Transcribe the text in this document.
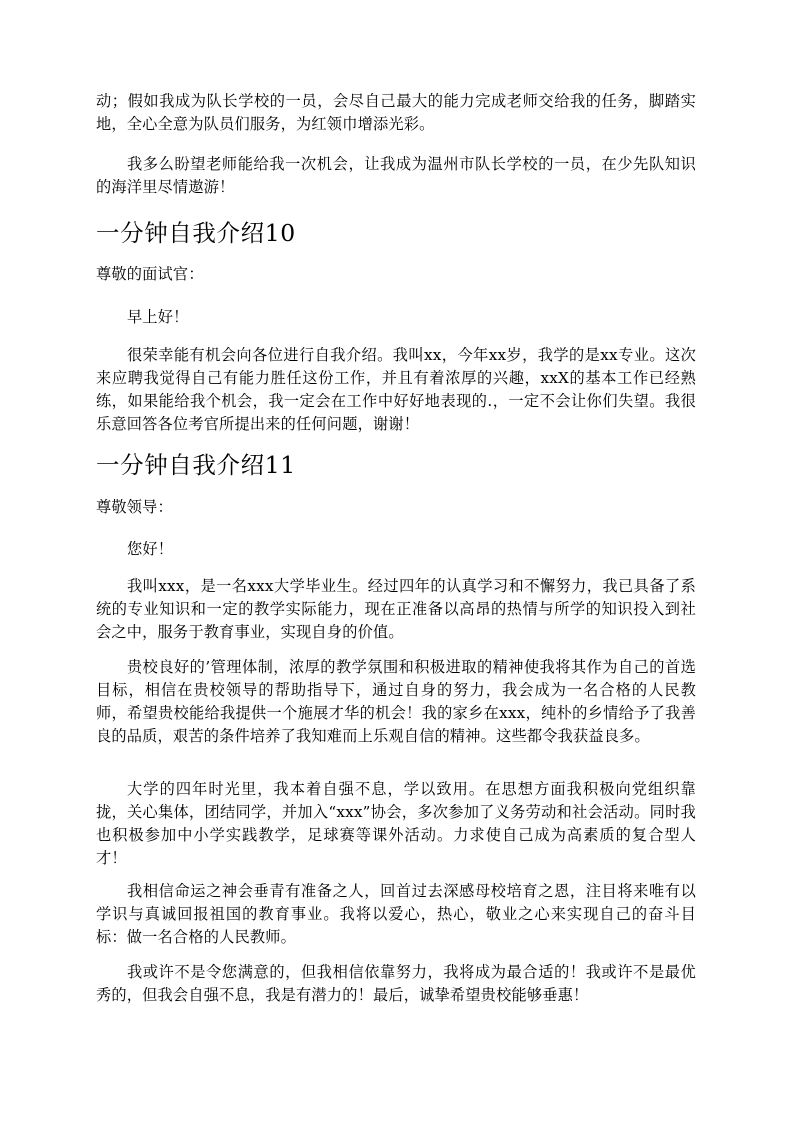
动；假如我成为队长学校的一员，会尽自己最大的能力完成老师交给我的任务，脚踏实地，全心全意为队员们服务，为红领巾增添光彩。

我多么盼望老师能给我一次机会，让我成为温州市队长学校的一员，在少先队知识的海洋里尽情遨游！

一分钟自我介绍10

尊敬的面试官：

早上好！

很荣幸能有机会向各位进行自我介绍。我叫xx，今年xx岁，我学的是xx专业。这次来应聘我觉得自己有能力胜任这份工作，并且有着浓厚的兴趣，xxX的基本工作已经熟练，如果能给我个机会，我一定会在工作中好好地表现的.，一定不会让你们失望。我很乐意回答各位考官所提出来的任何问题，谢谢！

一分钟自我介绍11

尊敬领导：

您好！

我叫xxx，是一名xxx大学毕业生。经过四年的认真学习和不懈努力，我已具备了系统的专业知识和一定的教学实际能力，现在正准备以高昂的热情与所学的知识投入到社会之中，服务于教育事业，实现自身的价值。

贵校良好的’管理体制，浓厚的教学氛围和积极进取的精神使我将其作为自己的首选目标，相信在贵校领导的帮助指导下，通过自身的努力，我会成为一名合格的人民教师，希望贵校能给我提供一个施展才华的机会！我的家乡在xxx，纯朴的乡情给予了我善良的品质，艰苦的条件培养了我知难而上乐观自信的精神。这些都令我获益良多。

大学的四年时光里，我本着自强不息，学以致用。在思想方面我积极向党组织靠拢，关心集体，团结同学，并加入“xxx”协会，多次参加了义务劳动和社会活动。同时我也积极参加中小学实践教学，足球赛等课外活动。力求使自己成为高素质的复合型人才！

我相信命运之神会垂青有准备之人，回首过去深感母校培育之恩，注目将来唯有以学识与真诚回报祖国的教育事业。我将以爱心，热心，敬业之心来实现自己的奋斗目标：做一名合格的人民教师。

我或许不是令您满意的，但我相信依靠努力，我将成为最合适的！我或许不是最优秀的，但我会自强不息，我是有潜力的！最后，诚挚希望贵校能够垂惠！
